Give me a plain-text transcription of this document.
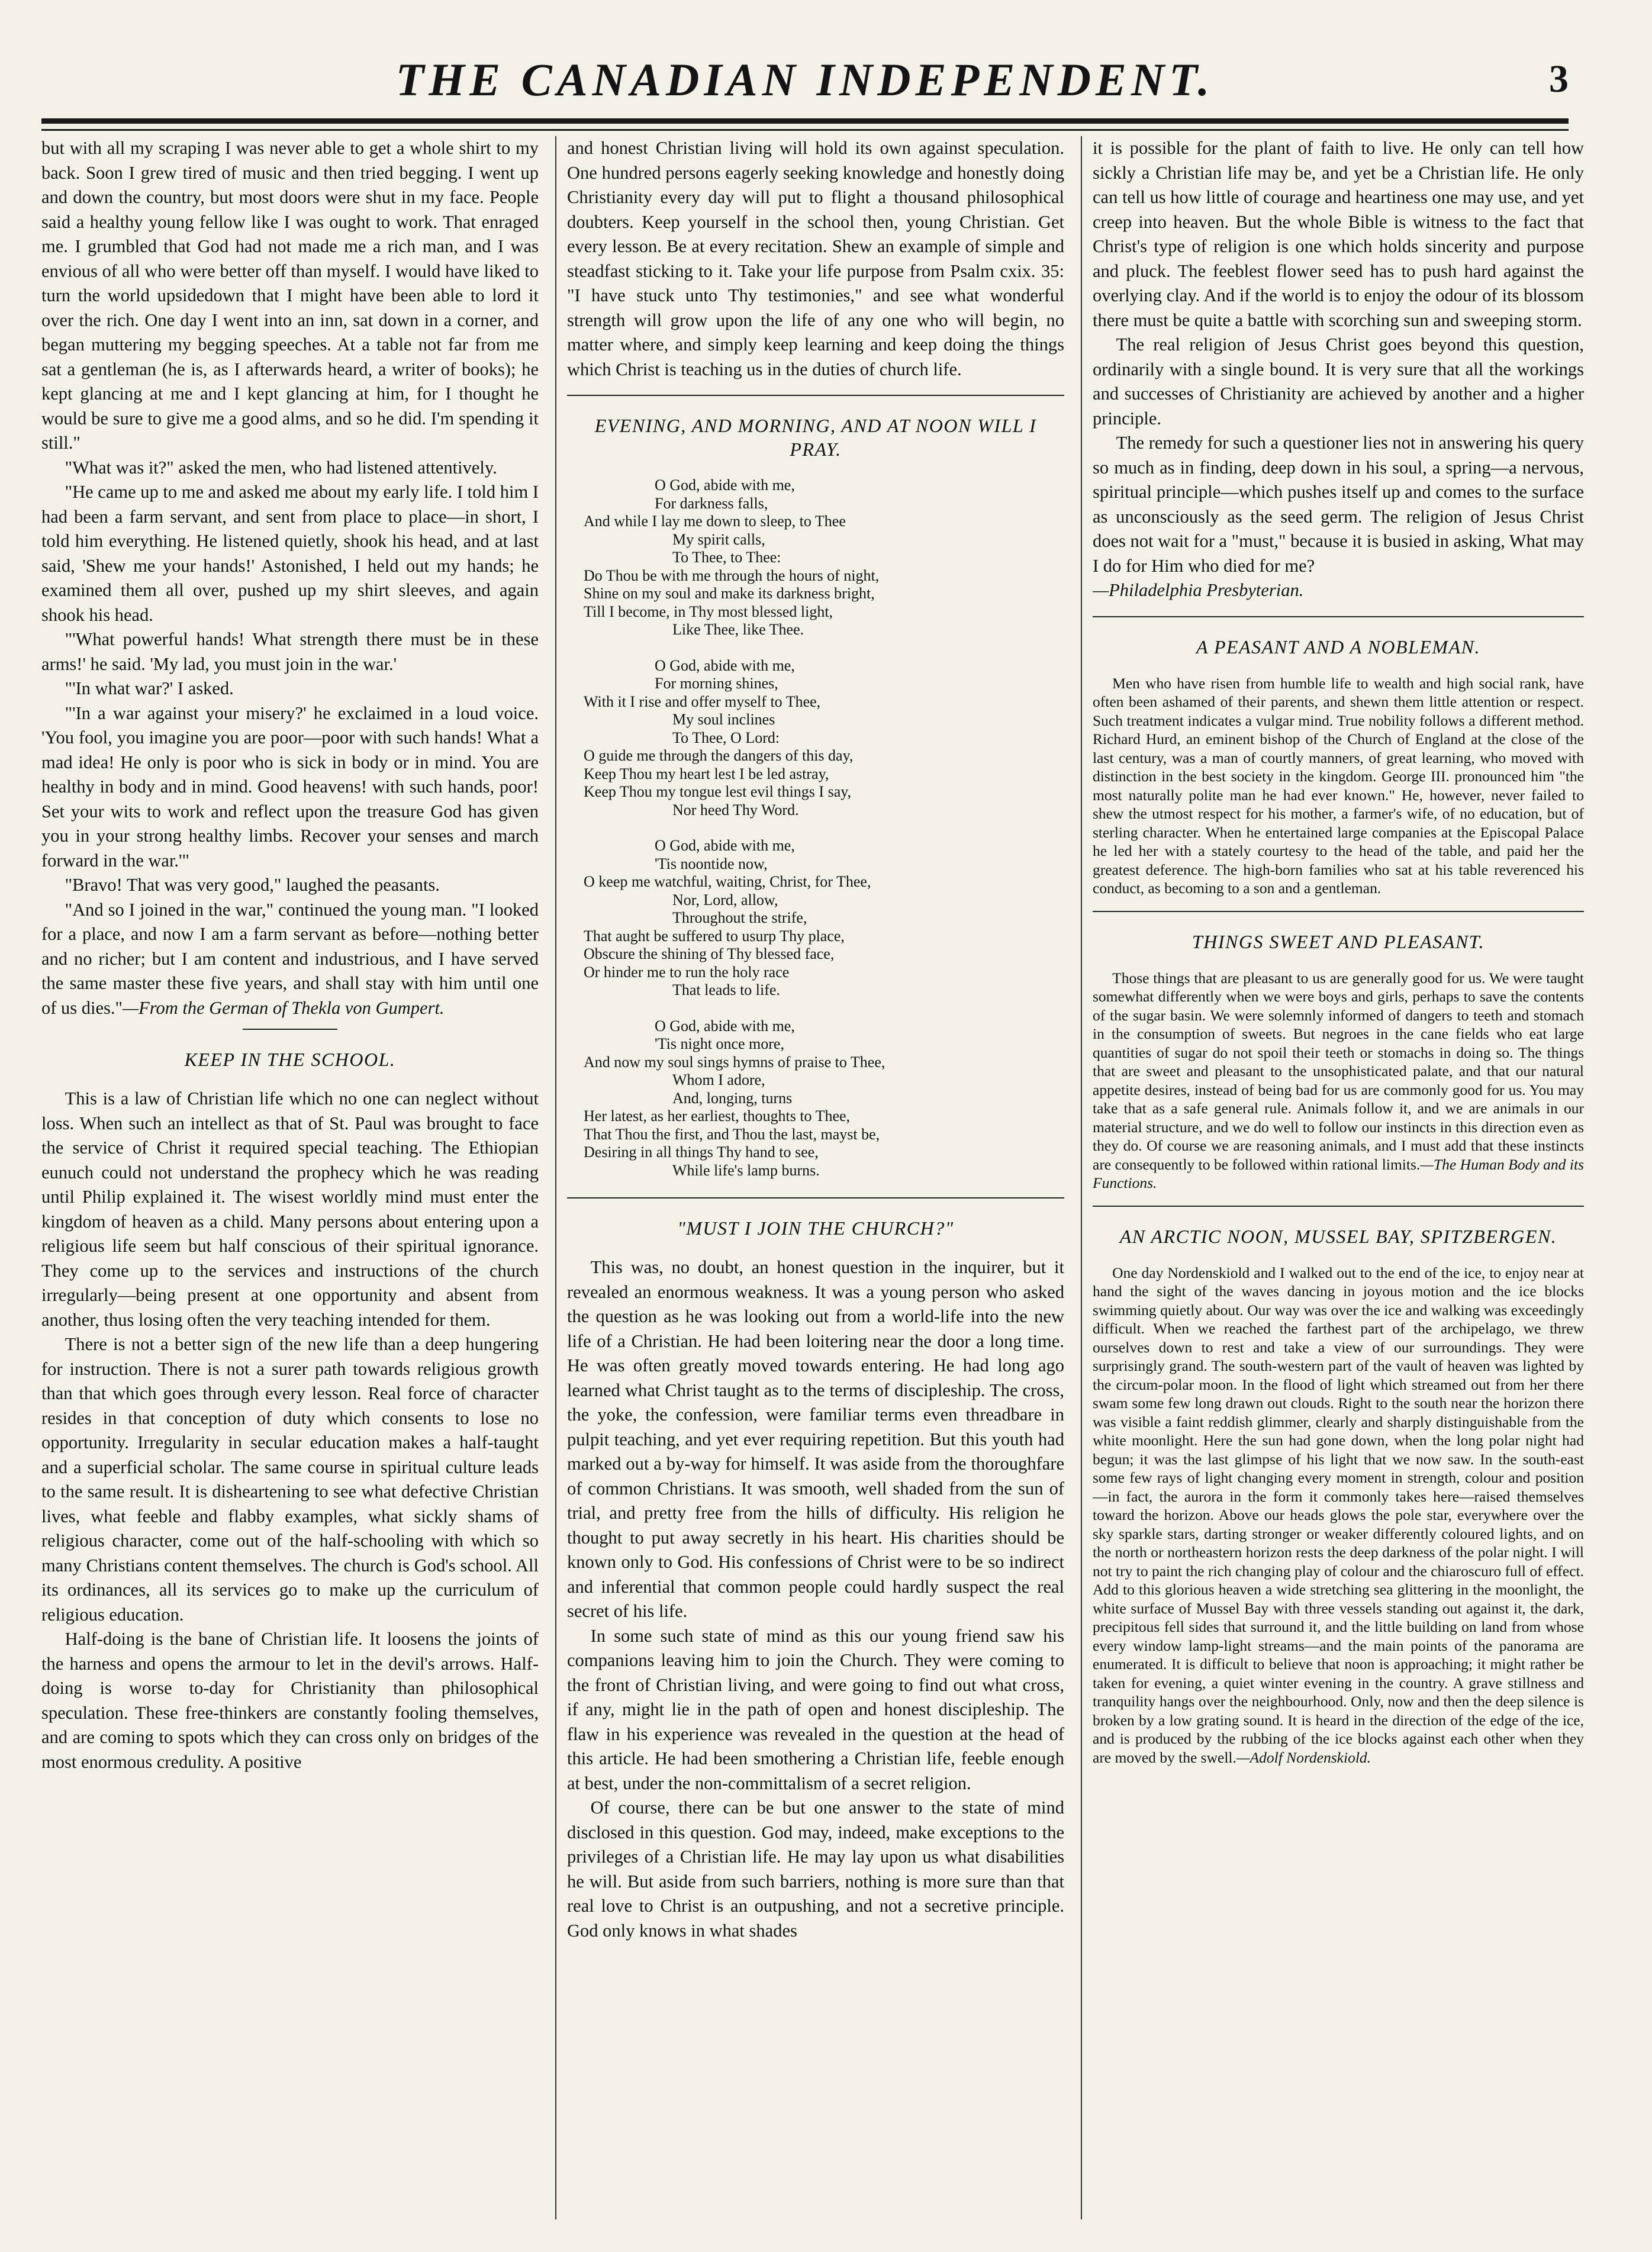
THE CANADIAN INDEPENDENT.	3

but with all my scraping I was never able to get a whole shirt to my back. Soon I grew tired of music and then tried begging. I went up and down the country, but most doors were shut in my face. People said a healthy young fellow like I was ought to work. That enraged me. I grumbled that God had not made me a rich man, and I was envious of all who were better off than myself. I would have liked to turn the world upsidedown that I might have been able to lord it over the rich. One day I went into an inn, sat down in a corner, and began muttering my begging speeches. At a table not far from me sat a gentleman (he is, as I afterwards heard, a writer of books); he kept glancing at me and I kept glancing at him, for I thought he would be sure to give me a good alms, and so he did. I'm spending it still."

"What was it?" asked the men, who had listened attentively.

"He came up to me and asked me about my early life. I told him I had been a farm servant, and sent from place to place—in short, I told him everything. He listened quietly, shook his head, and at last said, 'Shew me your hands!' Astonished, I held out my hands; he examined them all over, pushed up my shirt sleeves, and again shook his head.

"'What powerful hands! What strength there must be in these arms!' he said. 'My lad, you must join in the war.'

"'In what war?' I asked.

"'In a war against your misery?' he exclaimed in a loud voice. 'You fool, you imagine you are poor—poor with such hands! What a mad idea! He only is poor who is sick in body or in mind. You are healthy in body and in mind. Good heavens! with such hands, poor! Set your wits to work and reflect upon the treasure God has given you in your strong healthy limbs. Recover your senses and march forward in the war.'"

"Bravo! That was very good," laughed the peasants.

"And so I joined in the war," continued the young man. "I looked for a place, and now I am a farm servant as before—nothing better and no richer; but I am content and industrious, and I have served the same master these five years, and shall stay with him until one of us dies."—From the German of Thekla von Gumpert.

KEEP IN THE SCHOOL.

This is a law of Christian life which no one can neglect without loss. When such an intellect as that of St. Paul was brought to face the service of Christ it required special teaching. The Ethiopian eunuch could not understand the prophecy which he was reading until Philip explained it. The wisest worldly mind must enter the kingdom of heaven as a child. Many persons about entering upon a religious life seem but half conscious of their spiritual ignorance. They come up to the services and instructions of the church irregularly—being present at one opportunity and absent from another, thus losing often the very teaching intended for them.

There is not a better sign of the new life than a deep hungering for instruction. There is not a surer path towards religious growth than that which goes through every lesson. Real force of character resides in that conception of duty which consents to lose no opportunity. Irregularity in secular education makes a half-taught and a superficial scholar. The same course in spiritual culture leads to the same result. It is disheartening to see what defective Christian lives, what feeble and flabby examples, what sickly shams of religious character, come out of the half-schooling with which so many Christians content themselves. The church is God's school. All its ordinances, all its services go to make up the curriculum of religious education.

Half-doing is the bane of Christian life. It loosens the joints of the harness and opens the armour to let in the devil's arrows. Half-doing is worse to-day for Christianity than philosophical speculation. These free-thinkers are constantly fooling themselves, and are coming to spots which they can cross only on bridges of the most enormous credulity. A positive

and honest Christian living will hold its own against speculation. One hundred persons eagerly seeking knowledge and honestly doing Christianity every day will put to flight a thousand philosophical doubters. Keep yourself in the school then, young Christian. Get every lesson. Be at every recitation. Shew an example of simple and steadfast sticking to it. Take your life purpose from Psalm cxix. 35: "I have stuck unto Thy testimonies," and see what wonderful strength will grow upon the life of any one who will begin, no matter where, and simply keep learning and keep doing the things which Christ is teaching us in the duties of church life.

EVENING, AND MORNING, AND AT NOON WILL I PRAY.
O God, abide with me,
For darkness falls,
And while I lay me down to sleep, to Thee
My spirit calls,
To Thee, to Thee:
Do Thou be with me through the hours of night,
Shine on my soul and make its darkness bright,
Till I become, in Thy most blessed light,
Like Thee, like Thee.
O God, abide with me,
For morning shines,
With it I rise and offer myself to Thee,
My soul inclines
To Thee, O Lord:
O guide me through the dangers of this day,
Keep Thou my heart lest I be led astray,
Keep Thou my tongue lest evil things I say,
Nor heed Thy Word.
O God, abide with me,
'Tis noontide now,
O keep me watchful, waiting, Christ, for Thee,
Nor, Lord, allow,
Throughout the strife,
That aught be suffered to usurp Thy place,
Obscure the shining of Thy blessed face,
Or hinder me to run the holy race
That leads to life.
O God, abide with me,
'Tis night once more,
And now my soul sings hymns of praise to Thee,
Whom I adore,
And, longing, turns
Her latest, as her earliest, thoughts to Thee,
That Thou the first, and Thou the last, mayst be,
Desiring in all things Thy hand to see,
While life's lamp burns.
"MUST I JOIN THE CHURCH?"

This was, no doubt, an honest question in the inquirer, but it revealed an enormous weakness. It was a young person who asked the question as he was looking out from a world-life into the new life of a Christian. He had been loitering near the door a long time. He was often greatly moved towards entering. He had long ago learned what Christ taught as to the terms of discipleship. The cross, the yoke, the confession, were familiar terms even threadbare in pulpit teaching, and yet ever requiring repetition. But this youth had marked out a by-way for himself. It was aside from the thoroughfare of common Christians. It was smooth, well shaded from the sun of trial, and pretty free from the hills of difficulty. His religion he thought to put away secretly in his heart. His charities should be known only to God. His confessions of Christ were to be so indirect and inferential that common people could hardly suspect the real secret of his life.

In some such state of mind as this our young friend saw his companions leaving him to join the Church. They were coming to the front of Christian living, and were going to find out what cross, if any, might lie in the path of open and honest discipleship. The flaw in his experience was revealed in the question at the head of this article. He had been smothering a Christian life, feeble enough at best, under the non-committalism of a secret religion.

Of course, there can be but one answer to the state of mind disclosed in this question. God may, indeed, make exceptions to the privileges of a Christian life. He may lay upon us what disabilities he will. But aside from such barriers, nothing is more sure than that real love to Christ is an outpushing, and not a secretive principle. God only knows in what shades

it is possible for the plant of faith to live. He only can tell how sickly a Christian life may be, and yet be a Christian life. He only can tell us how little of courage and heartiness one may use, and yet creep into heaven. But the whole Bible is witness to the fact that Christ's type of religion is one which holds sincerity and purpose and pluck. The feeblest flower seed has to push hard against the overlying clay. And if the world is to enjoy the odour of its blossom there must be quite a battle with scorching sun and sweeping storm.

The real religion of Jesus Christ goes beyond this question, ordinarily with a single bound. It is very sure that all the workings and successes of Christianity are achieved by another and a higher principle.

The remedy for such a questioner lies not in answering his query so much as in finding, deep down in his soul, a spring—a nervous, spiritual principle—which pushes itself up and comes to the surface as unconsciously as the seed germ. The religion of Jesus Christ does not wait for a "must," because it is busied in asking, What may I do for Him who died for me?
—Philadelphia Presbyterian.

A PEASANT AND A NOBLEMAN.

Men who have risen from humble life to wealth and high social rank, have often been ashamed of their parents, and shewn them little attention or respect. Such treatment indicates a vulgar mind. True nobility follows a different method. Richard Hurd, an eminent bishop of the Church of England at the close of the last century, was a man of courtly manners, of great learning, who moved with distinction in the best society in the kingdom. George III. pronounced him "the most naturally polite man he had ever known." He, however, never failed to shew the utmost respect for his mother, a farmer's wife, of no education, but of sterling character. When he entertained large companies at the Episcopal Palace he led her with a stately courtesy to the head of the table, and paid her the greatest deference. The high-born families who sat at his table reverenced his conduct, as becoming to a son and a gentleman.

THINGS SWEET AND PLEASANT.

Those things that are pleasant to us are generally good for us. We were taught somewhat differently when we were boys and girls, perhaps to save the contents of the sugar basin. We were solemnly informed of dangers to teeth and stomach in the consumption of sweets. But negroes in the cane fields who eat large quantities of sugar do not spoil their teeth or stomachs in doing so. The things that are sweet and pleasant to the unsophisticated palate, and that our natural appetite desires, instead of being bad for us are commonly good for us. You may take that as a safe general rule. Animals follow it, and we are animals in our material structure, and we do well to follow our instincts in this direction even as they do. Of course we are reasoning animals, and I must add that these instincts are consequently to be followed within rational limits.—The Human Body and its Functions.

AN ARCTIC NOON, MUSSEL BAY, SPITZBERGEN.

One day Nordenskiold and I walked out to the end of the ice, to enjoy near at hand the sight of the waves dancing in joyous motion and the ice blocks swimming quietly about. Our way was over the ice and walking was exceedingly difficult. When we reached the farthest part of the archipelago, we threw ourselves down to rest and take a view of our surroundings. They were surprisingly grand. The south-western part of the vault of heaven was lighted by the circum-polar moon. In the flood of light which streamed out from her there swam some few long drawn out clouds. Right to the south near the horizon there was visible a faint reddish glimmer, clearly and sharply distinguishable from the white moonlight. Here the sun had gone down, when the long polar night had begun; it was the last glimpse of his light that we now saw. In the south-east some few rays of light changing every moment in strength, colour and position—in fact, the aurora in the form it commonly takes here—raised themselves toward the horizon. Above our heads glows the pole star, everywhere over the sky sparkle stars, darting stronger or weaker differently coloured lights, and on the north or northeastern horizon rests the deep darkness of the polar night. I will not try to paint the rich changing play of colour and the chiaroscuro full of effect. Add to this glorious heaven a wide stretching sea glittering in the moonlight, the white surface of Mussel Bay with three vessels standing out against it, the dark, precipitous fell sides that surround it, and the little building on land from whose every window lamp-light streams—and the main points of the panorama are enumerated. It is difficult to believe that noon is approaching; it might rather be taken for evening, a quiet winter evening in the country. A grave stillness and tranquility hangs over the neighbourhood. Only, now and then the deep silence is broken by a low grating sound. It is heard in the direction of the edge of the ice, and is produced by the rubbing of the ice blocks against each other when they are moved by the swell.—Adolf Nordenskiold.
